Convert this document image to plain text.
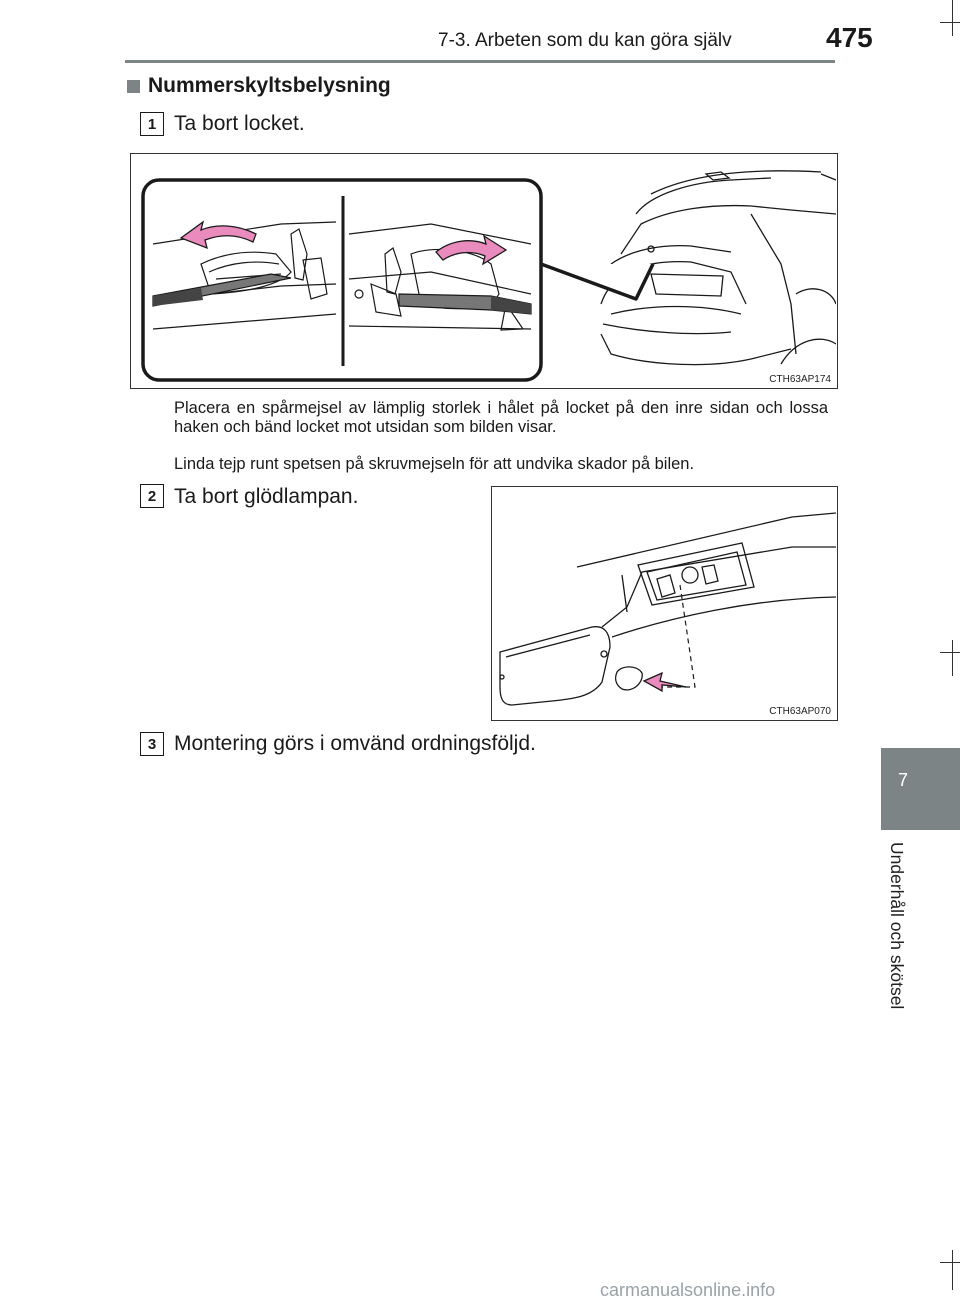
7-3. Arbeten som du kan göra själv	475
Nummerskyltsbelysning
1 Ta bort locket.
CTH63AP174
Placera en spårmejsel av lämplig storlek i hålet på locket på den inre sidan och lossa haken och bänd locket mot utsidan som bilden visar.
Linda tejp runt spetsen på skruvmejseln för att undvika skador på bilen.
2 Ta bort glödlampan.
CTH63AP070
3 Montering görs i omvänd ordningsföljd.
7
Underhåll och skötsel
carmanualsonline.info
